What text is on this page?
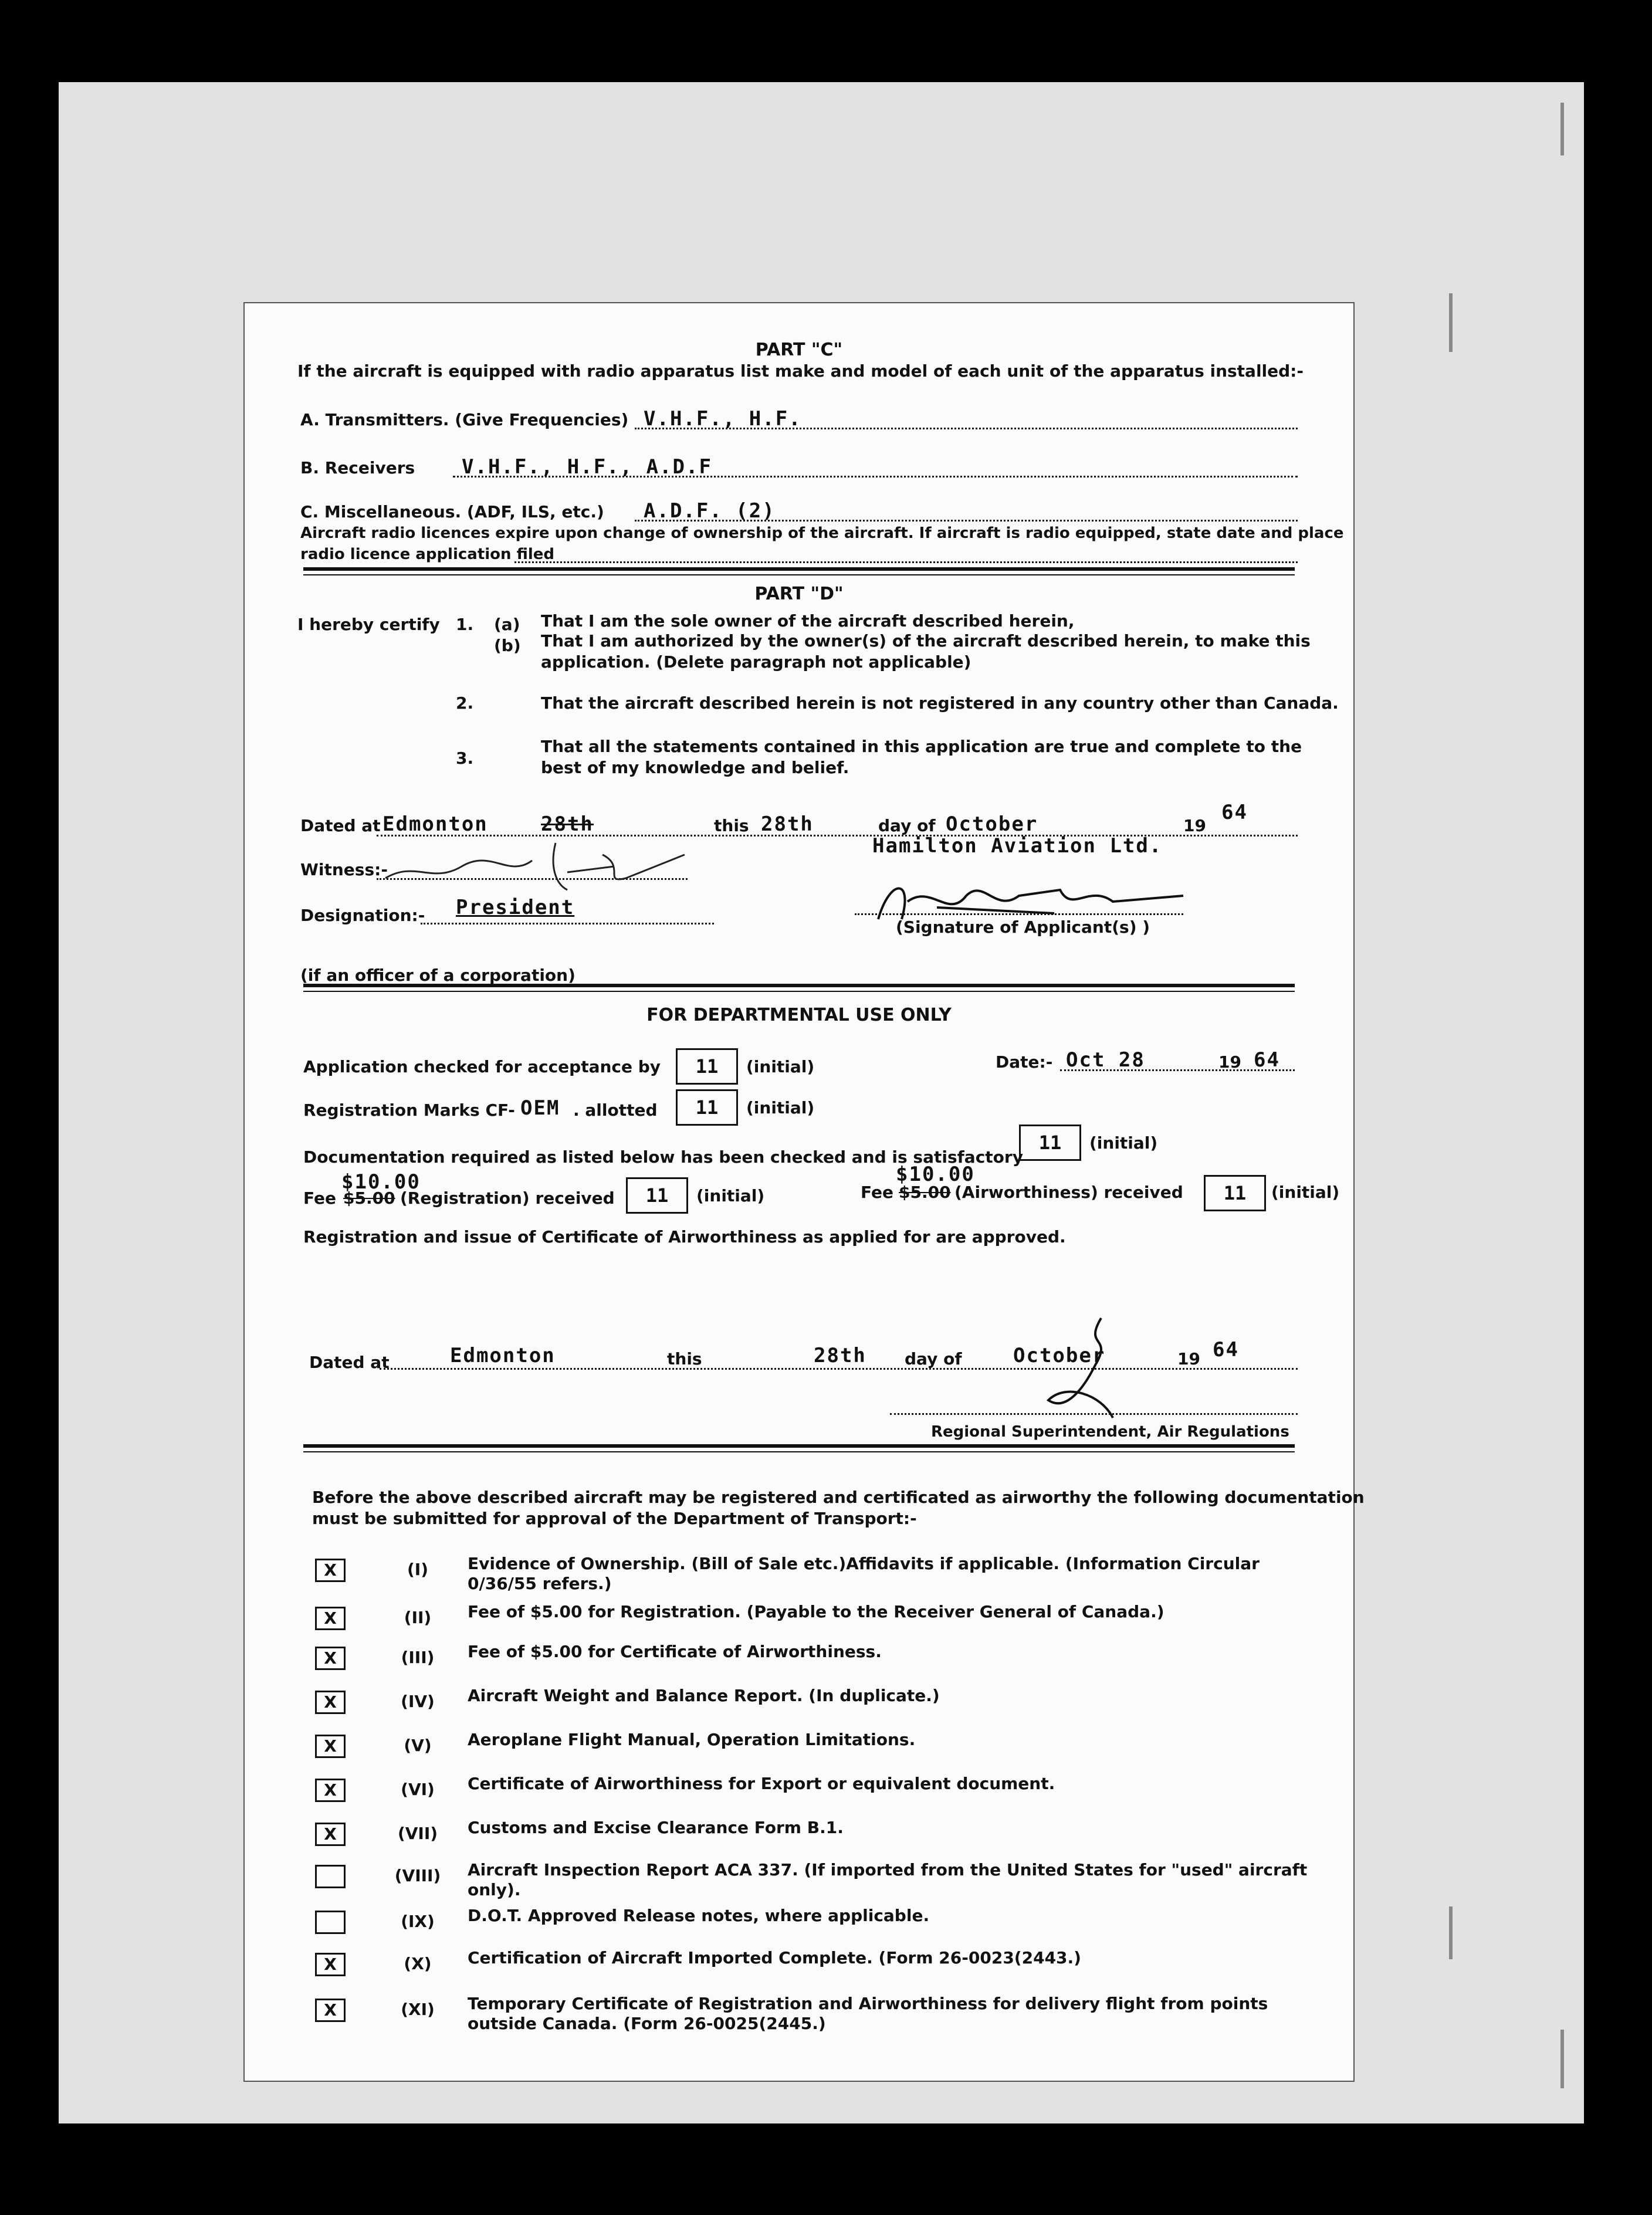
PART "C"
If the aircraft is equipped with radio apparatus list make and model of each unit of the apparatus installed:-
A. Transmitters. (Give Frequencies) V.H.F., H.F.
B. Receivers V.H.F., H.F., A.D.F
C. Miscellaneous. (ADF, ILS, etc.) A.D.F. (2)
Aircraft radio licences expire upon change of ownership of the aircraft. If aircraft is radio equipped, state date and place
radio licence application filed
PART "D"
I hereby certify 1. (a) That I am the sole owner of the aircraft described herein,
(b) That I am authorized by the owner(s) of the aircraft described herein, to make this
application. (Delete paragraph not applicable)
2.	That the aircraft described herein is not registered in any country other than Canada.
3.
That all the statements contained in this application are true and complete to the
best of my knowledge and belief.
Dated at Edmonton	28th	this 28th	day of October	19
64
Witness:-
Hamilton Aviation Ltd.
Designation:- President
(Signature of Applicant(s) )
(if an officer of a corporation)
FOR DEPARTMENTAL USE ONLY
Application checked for acceptance by	11	(initial)	Date:- Oct 28	19 64
Registration Marks CF- OEM . allotted	11	(initial)
Documentation required as listed below has been checked and is satisfactory
11	(initial)
Fee $5.00
$10.00
(Registration) received	11	(initial)	Fee $5.00
$10.00
(Airworthiness) received	11	(initial)
Registration and issue of Certificate of Airworthiness as applied for are approved.
Dated at	Edmonton	this	28th day of	October	19 64
Regional Superintendent, Air Regulations
Before the above described aircraft may be registered and certificated as airworthy the following documentation
must be submitted for approval of the Department of Transport:-
X	(I)	Evidence of Ownership. (Bill of Sale etc.)Affidavits if applicable. (Information Circular 0/36/55 refers.)
X	(II)	Fee of $5.00 for Registration. (Payable to the Receiver General of Canada.)
X	(III)	Fee of $5.00 for Certificate of Airworthiness.
X	(IV)	Aircraft Weight and Balance Report. (In duplicate.)
X	(V)	Aeroplane Flight Manual, Operation Limitations.
X	(VI)	Certificate of Airworthiness for Export or equivalent document.
X	(VII)	Customs and Excise Clearance Form B.1.
(VIII)	Aircraft Inspection Report ACA 337. (If imported from the United States for "used" aircraft only).
(IX)	D.O.T. Approved Release notes, where applicable.
X	(X)	Certification of Aircraft Imported Complete. (Form 26-0023(2443.)
X	(XI)	Temporary Certificate of Registration and Airworthiness for delivery flight from points outside Canada. (Form 26-0025(2445.)
